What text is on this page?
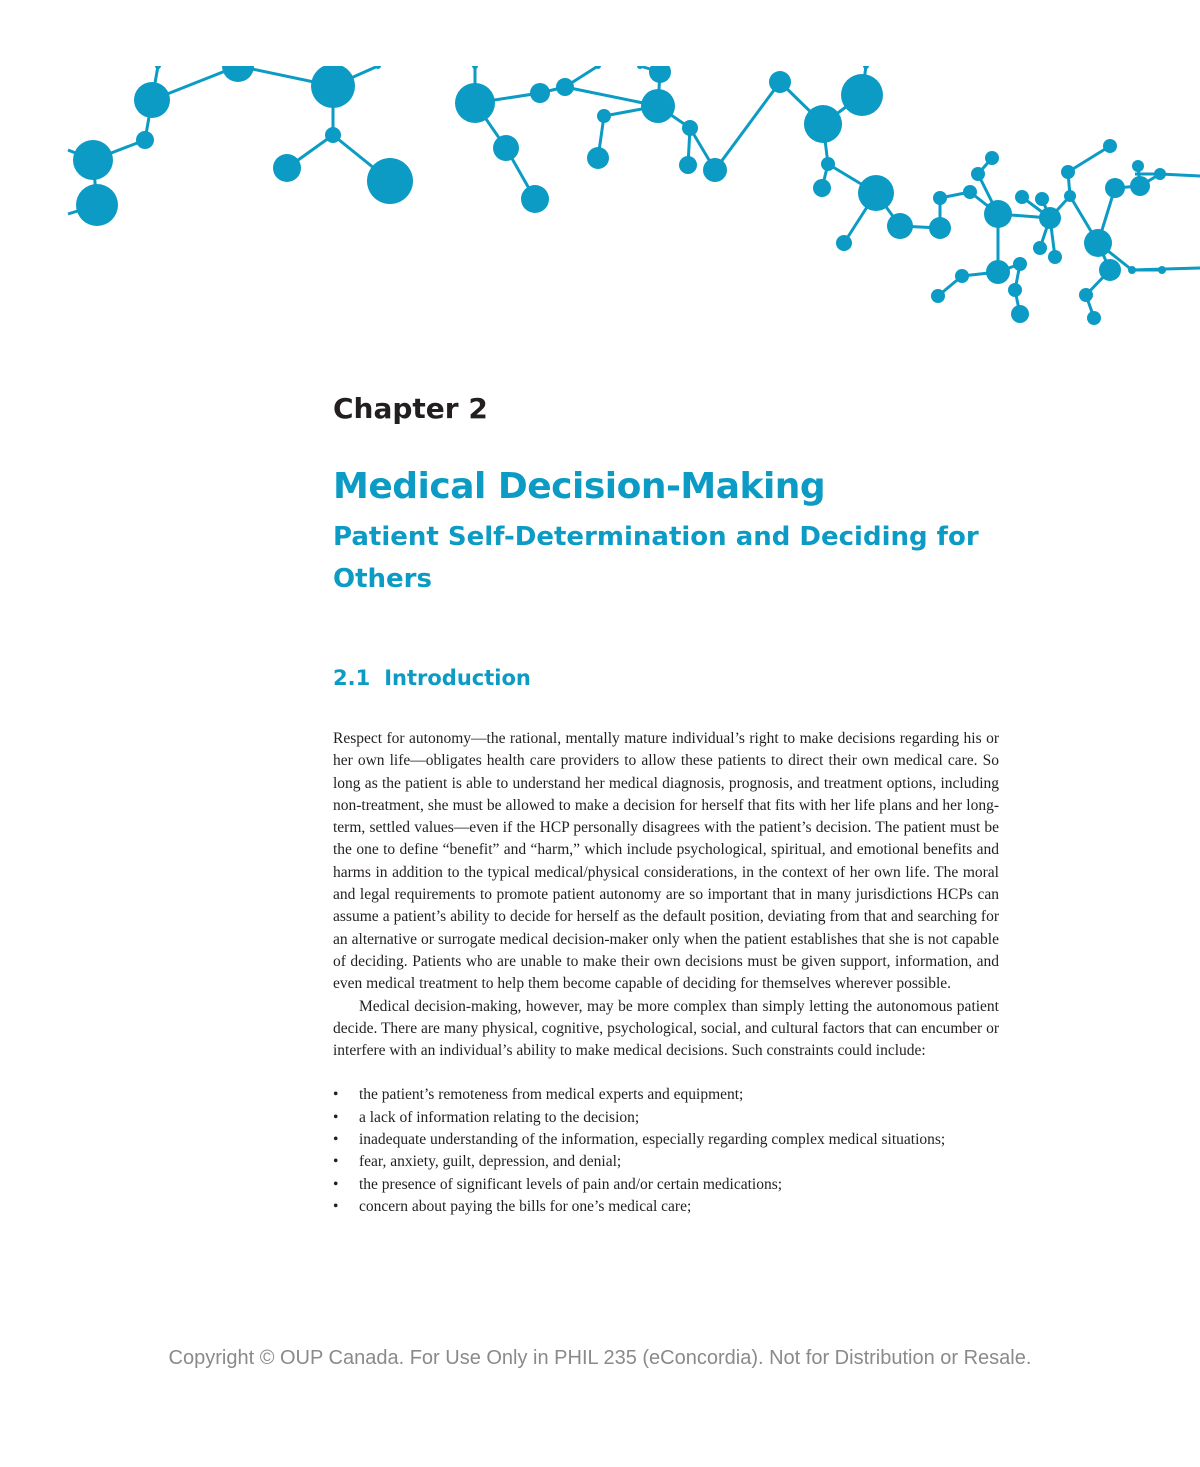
Chapter 2
Medical Decision-Making
Patient Self-Determination and Deciding for Others
2.1 Introduction

Respect for autonomy—the rational, mentally mature individual’s right to make decisions regarding his or her own life—obligates health care providers to allow these patients to direct their own medical care. So long as the patient is able to understand her medical diagnosis, prognosis, and treatment options, including non-treatment, she must be allowed to make a decision for herself that fits with her life plans and her long-term, settled values—even if the HCP personally disagrees with the patient’s decision. The patient must be the one to define “benefit” and “harm,” which include psychological, spiritual, and emotional benefits and harms in addition to the typical medical/physical considerations, in the context of her own life. The moral and legal requirements to promote patient autonomy are so important that in many jurisdictions HCPs can assume a patient’s ability to decide for herself as the default position, deviating from that and searching for an alternative or surrogate medical decision-maker only when the patient establishes that she is not capable of deciding. Patients who are unable to make their own decisions must be given support, information, and even medical treatment to help them become capable of deciding for themselves wherever possible.

Medical decision-making, however, may be more complex than simply letting the autonomous patient decide. There are many physical, cognitive, psychological, social, and cultural factors that can encumber or interfere with an individual’s ability to make medical decisions. Such constraints could include:

• the patient’s remoteness from medical experts and equipment;
• a lack of information relating to the decision;
• inadequate understanding of the information, especially regarding complex medical situations;
• fear, anxiety, guilt, depression, and denial;
• the presence of significant levels of pain and/or certain medications;
• concern about paying the bills for one’s medical care;
Copyright © OUP Canada. For Use Only in PHIL 235 (eConcordia). Not for Distribution or Resale.
